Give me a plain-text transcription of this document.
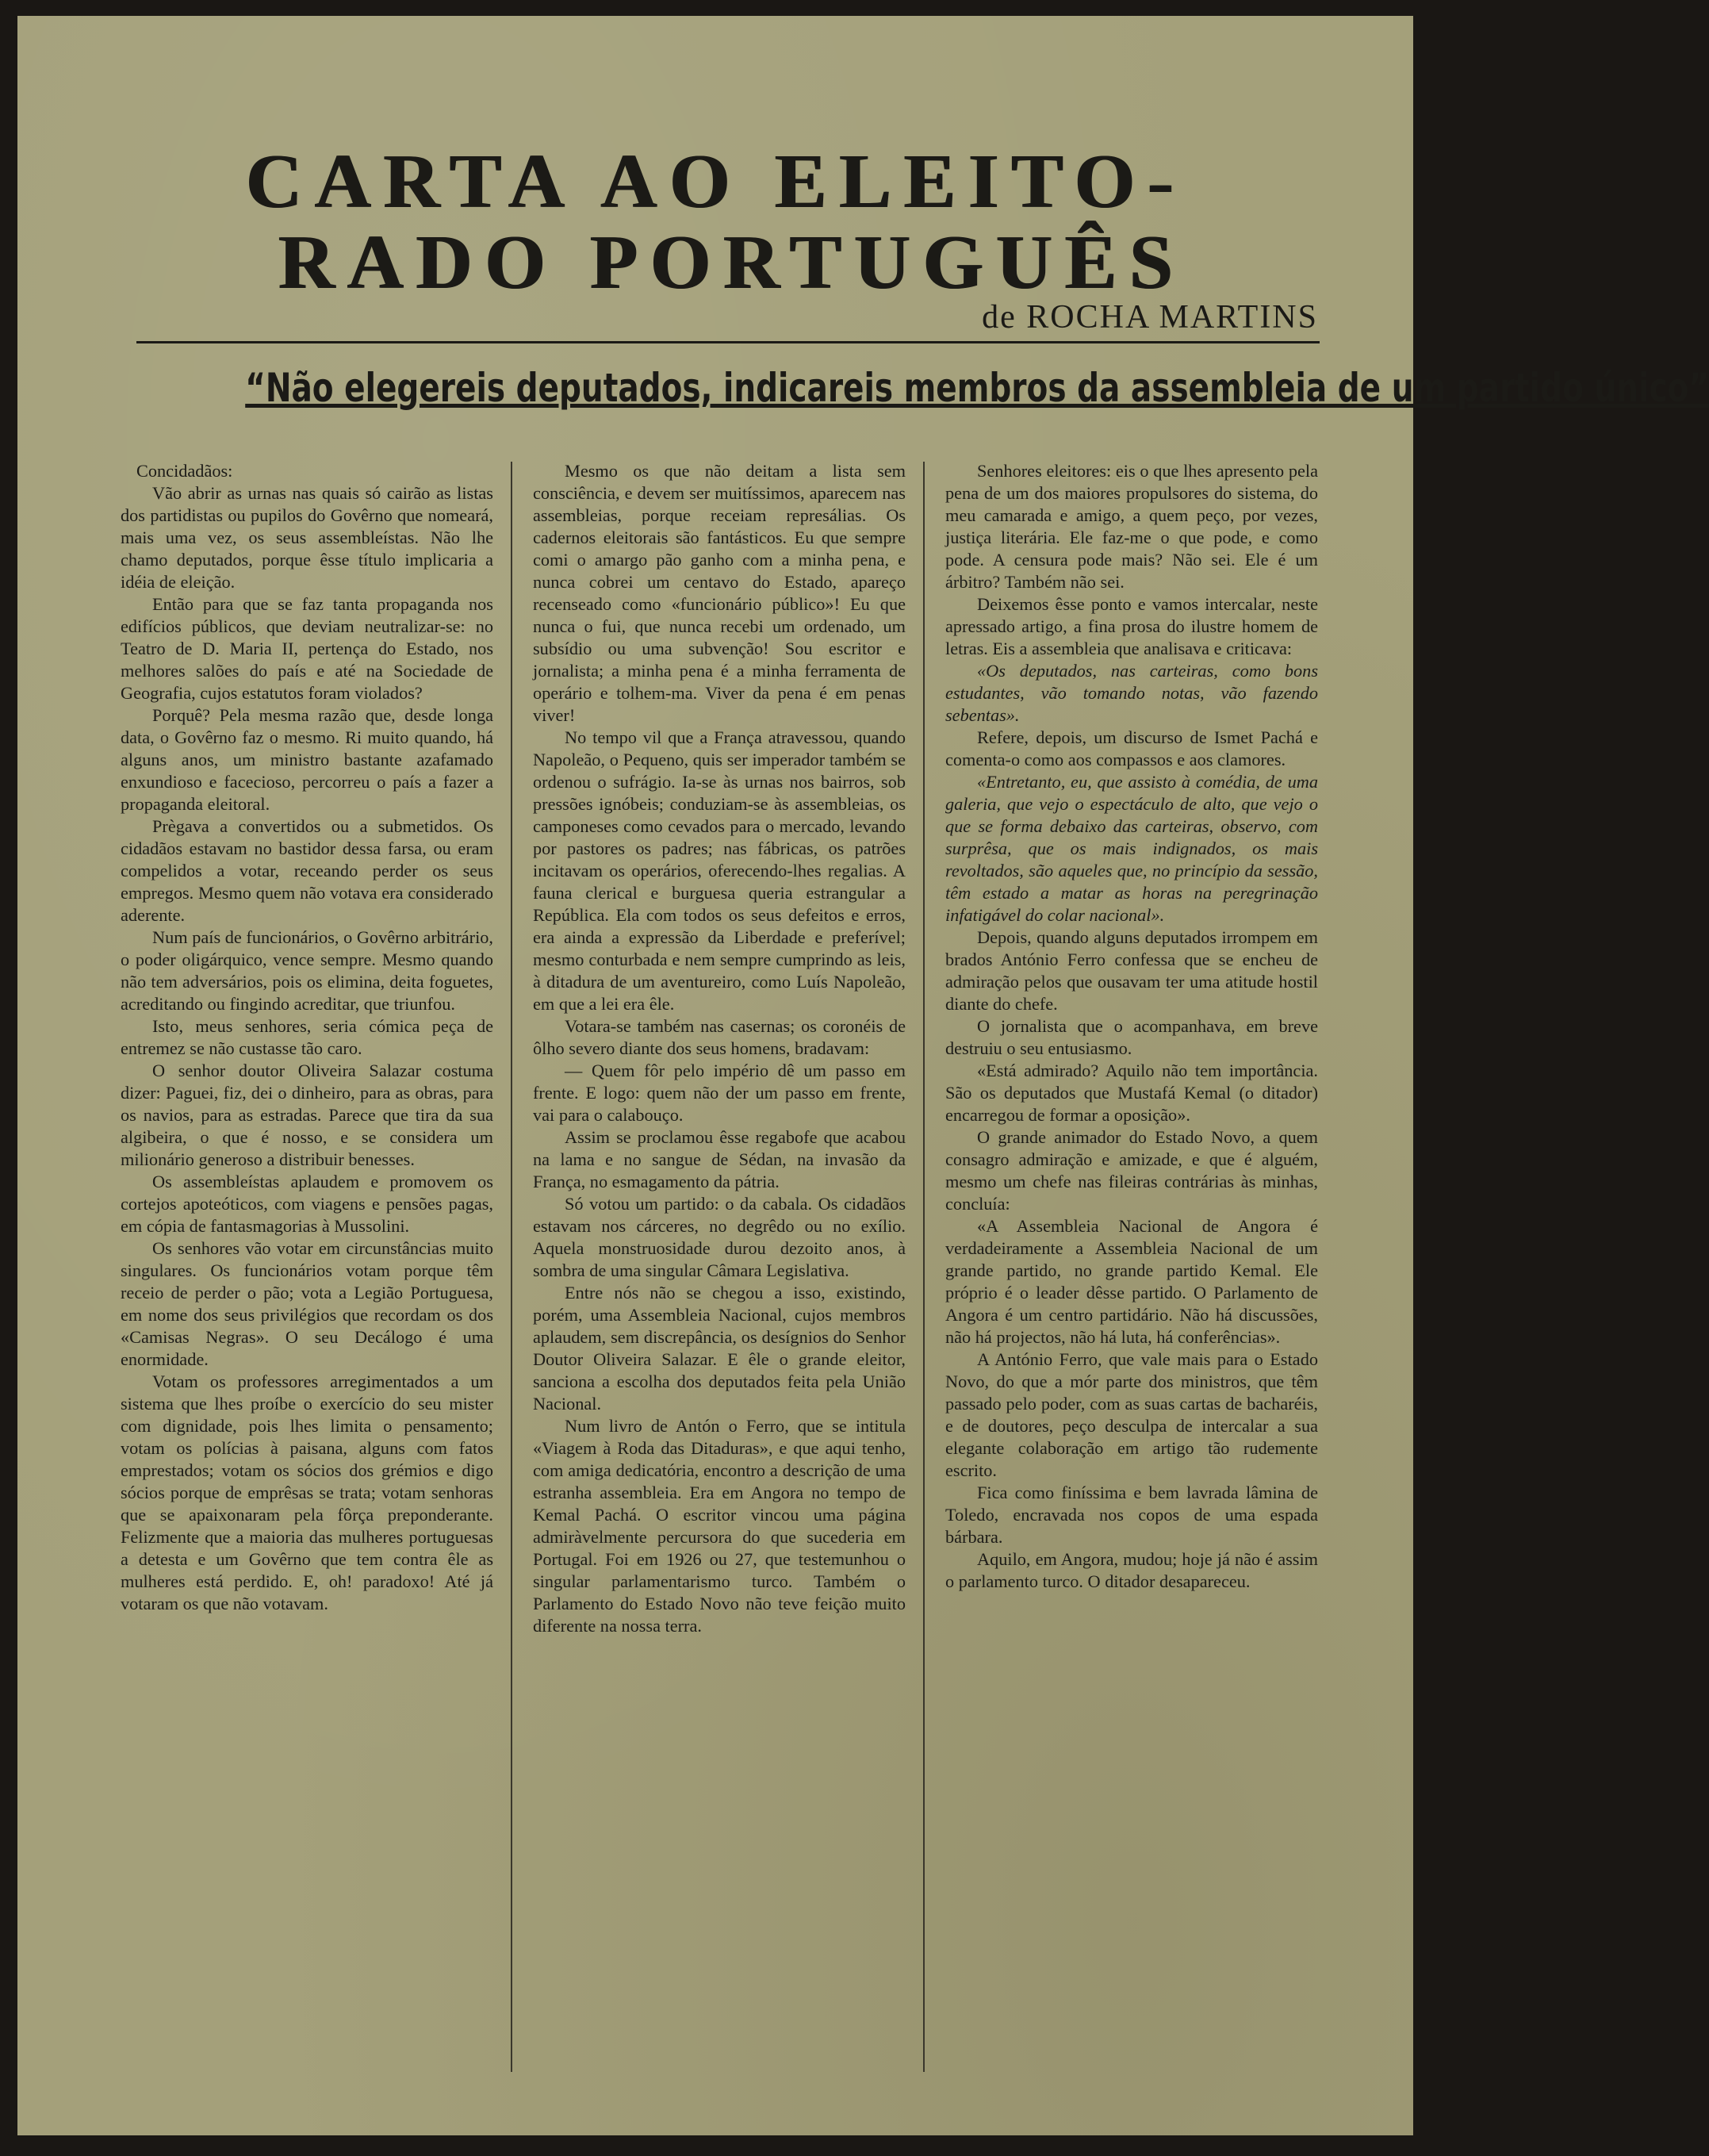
CARTA AO ELEITO-
RADO PORTUGUÊS
de ROCHA MARTINS
“Não elegereis deputados, indicareis membros da assembleia de um partido único”

Concidadãos:

Vão abrir as urnas nas quais só cairão as listas dos partidistas ou pupilos do Govêrno que nomeará, mais uma vez, os seus assembleístas. Não lhe chamo deputados, porque êsse título implicaria a idéia de eleição.

Então para que se faz tanta propaganda nos edifícios públicos, que deviam neutralizar-se: no Teatro de D. Maria II, pertença do Estado, nos melhores salões do país e até na Sociedade de Geografia, cujos estatutos foram violados?

Porquê? Pela mesma razão que, desde longa data, o Govêrno faz o mesmo. Ri muito quando, há alguns anos, um ministro bastante azafamado enxundioso e facecioso, percorreu o país a fazer a propaganda eleitoral.

Prègava a convertidos ou a submetidos. Os cidadãos estavam no bastidor dessa farsa, ou eram compelidos a votar, receando perder os seus empregos. Mesmo quem não votava era considerado aderente.

Num país de funcionários, o Govêrno arbitrário, o poder oligárquico, vence sempre. Mesmo quando não tem adversários, pois os elimina, deita foguetes, acreditando ou fingindo acreditar, que triunfou.

Isto, meus senhores, seria cómica peça de entremez se não custasse tão caro.

O senhor doutor Oliveira Salazar costuma dizer: Paguei, fiz, dei o dinheiro, para as obras, para os navios, para as estradas. Parece que tira da sua algibeira, o que é nosso, e se considera um milionário generoso a distribuir benesses.

Os assembleístas aplaudem e promovem os cortejos apoteóticos, com viagens e pensões pagas, em cópia de fantasmagorias à Mussolini.

Os senhores vão votar em circunstâncias muito singulares. Os funcionários votam porque têm receio de perder o pão; vota a Legião Portuguesa, em nome dos seus privilégios que recordam os dos «Camisas Negras». O seu Decálogo é uma enormidade.

Votam os professores arregimentados a um sistema que lhes proíbe o exercício do seu mister com dignidade, pois lhes limita o pensamento; votam os polícias à paisana, alguns com fatos emprestados; votam os sócios dos grémios e digo sócios porque de emprêsas se trata; votam senhoras que se apaixonaram pela fôrça preponderante. Felizmente que a maioria das mulheres portuguesas a detesta e um Govêrno que tem contra êle as mulheres está perdido. E, oh! paradoxo! Até já votaram os que não votavam.

Mesmo os que não deitam a lista sem consciência, e devem ser muitíssimos, aparecem nas assembleias, porque receiam represálias. Os cadernos eleitorais são fantásticos. Eu que sempre comi o amargo pão ganho com a minha pena, e nunca cobrei um centavo do Estado, apareço recenseado como «funcionário público»! Eu que nunca o fui, que nunca recebi um ordenado, um subsídio ou uma subvenção! Sou escritor e jornalista; a minha pena é a minha ferramenta de operário e tolhem-ma. Viver da pena é em penas viver!

No tempo vil que a França atravessou, quando Napoleão, o Pequeno, quis ser imperador também se ordenou o sufrágio. Ia-se às urnas nos bairros, sob pressões ignóbeis; conduziam-se às assembleias, os camponeses como cevados para o mercado, levando por pastores os padres; nas fábricas, os patrões incitavam os operários, oferecendo-lhes regalias. A fauna clerical e burguesa queria estrangular a República. Ela com todos os seus defeitos e erros, era ainda a expressão da Liberdade e preferível; mesmo conturbada e nem sempre cumprindo as leis, à ditadura de um aventureiro, como Luís Napoleão, em que a lei era êle.

Votara-se também nas casernas; os coronéis de ôlho severo diante dos seus homens, bradavam:

— Quem fôr pelo império dê um passo em frente. E logo: quem não der um passo em frente, vai para o calabouço.

Assim se proclamou êsse regabofe que acabou na lama e no sangue de Sédan, na invasão da França, no esmagamento da pátria.

Só votou um partido: o da cabala. Os cidadãos estavam nos cárceres, no degrêdo ou no exílio. Aquela monstruosidade durou dezoito anos, à sombra de uma singular Câmara Legislativa.

Entre nós não se chegou a isso, existindo, porém, uma Assembleia Nacional, cujos membros aplaudem, sem discrepância, os desígnios do Senhor Doutor Oliveira Salazar. E êle o grande eleitor, sanciona a escolha dos deputados feita pela União Nacional.

Num livro de Antón o Ferro, que se intitula «Viagem à Roda das Ditaduras», e que aqui tenho, com amiga dedicatória, encontro a descrição de uma estranha assembleia. Era em Angora no tempo de Kemal Pachá. O escritor vincou uma página admiràvelmente percursora do que sucederia em Portugal. Foi em 1926 ou 27, que testemunhou o singular parlamentarismo turco. Também o Parlamento do Estado Novo não teve feição muito diferente na nossa terra.

Senhores eleitores: eis o que lhes apresento pela pena de um dos maiores propulsores do sistema, do meu camarada e amigo, a quem peço, por vezes, justiça literária. Ele faz-me o que pode, e como pode. A censura pode mais? Não sei. Ele é um árbitro? Também não sei.

Deixemos êsse ponto e vamos intercalar, neste apressado artigo, a fina prosa do ilustre homem de letras. Eis a assembleia que analisava e criticava:

«Os deputados, nas carteiras, como bons estudantes, vão tomando notas, vão fazendo sebentas».

Refere, depois, um discurso de Ismet Pachá e comenta-o como aos compassos e aos clamores.

«Entretanto, eu, que assisto à comédia, de uma galeria, que vejo o espectáculo de alto, que vejo o que se forma debaixo das carteiras, observo, com surprêsa, que os mais indignados, os mais revoltados, são aqueles que, no princípio da sessão, têm estado a matar as horas na peregrinação infatigável do colar nacional».

Depois, quando alguns deputados irrompem em brados António Ferro confessa que se encheu de admiração pelos que ousavam ter uma atitude hostil diante do chefe.

O jornalista que o acompanhava, em breve destruiu o seu entusiasmo.

«Está admirado? Aquilo não tem importância. São os deputados que Mustafá Kemal (o ditador) encarregou de formar a oposição».

O grande animador do Estado Novo, a quem consagro admiração e amizade, e que é alguém, mesmo um chefe nas fileiras contrárias às minhas, concluía:

«A Assembleia Nacional de Angora é verdadeiramente a Assembleia Nacional de um grande partido, no grande partido Kemal. Ele próprio é o leader dêsse partido. O Parlamento de Angora é um centro partidário. Não há discussões, não há projectos, não há luta, há conferências».

A António Ferro, que vale mais para o Estado Novo, do que a mór parte dos ministros, que têm passado pelo poder, com as suas cartas de bacharéis, e de doutores, peço desculpa de intercalar a sua elegante colaboração em artigo tão rudemente escrito.

Fica como finíssima e bem lavrada lâmina de Toledo, encravada nos copos de uma espada bárbara.

Aquilo, em Angora, mudou; hoje já não é assim o parlamento turco. O ditador desapareceu.
